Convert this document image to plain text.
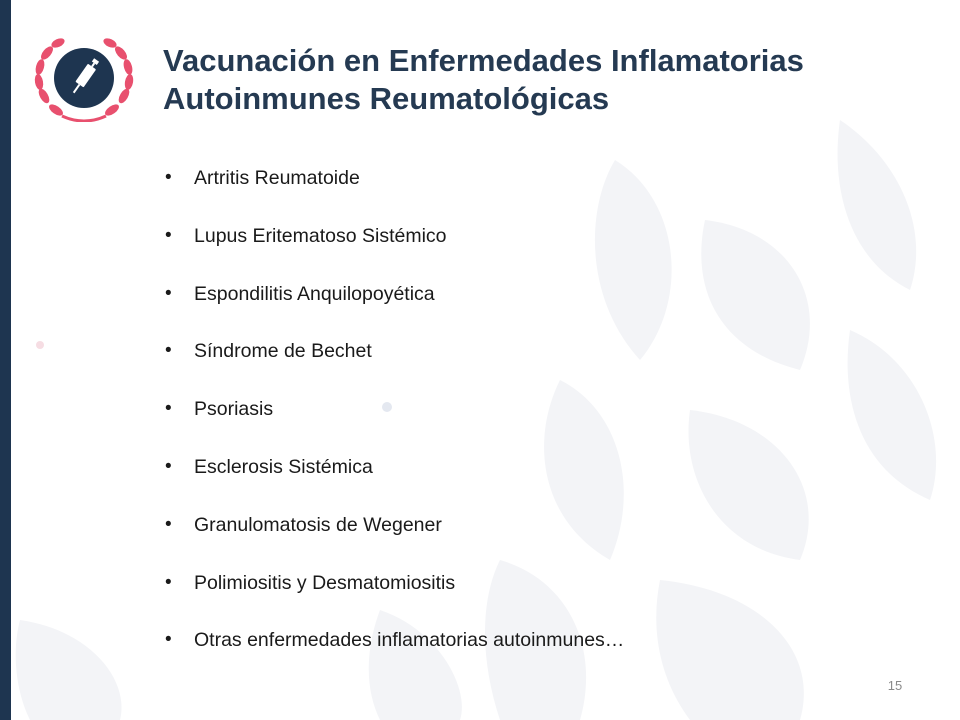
Vacunación en Enfermedades Inflamatorias
Autoinmunes Reumatológicas
• Artritis Reumatoide
• Lupus Eritematoso Sistémico
• Espondilitis Anquilopoyética
• Síndrome de Bechet
• Psoriasis
• Esclerosis Sistémica
• Granulomatosis de Wegener
• Polimiositis y Desmatomiositis
• Otras enfermedades inflamatorias autoinmunes…
15
